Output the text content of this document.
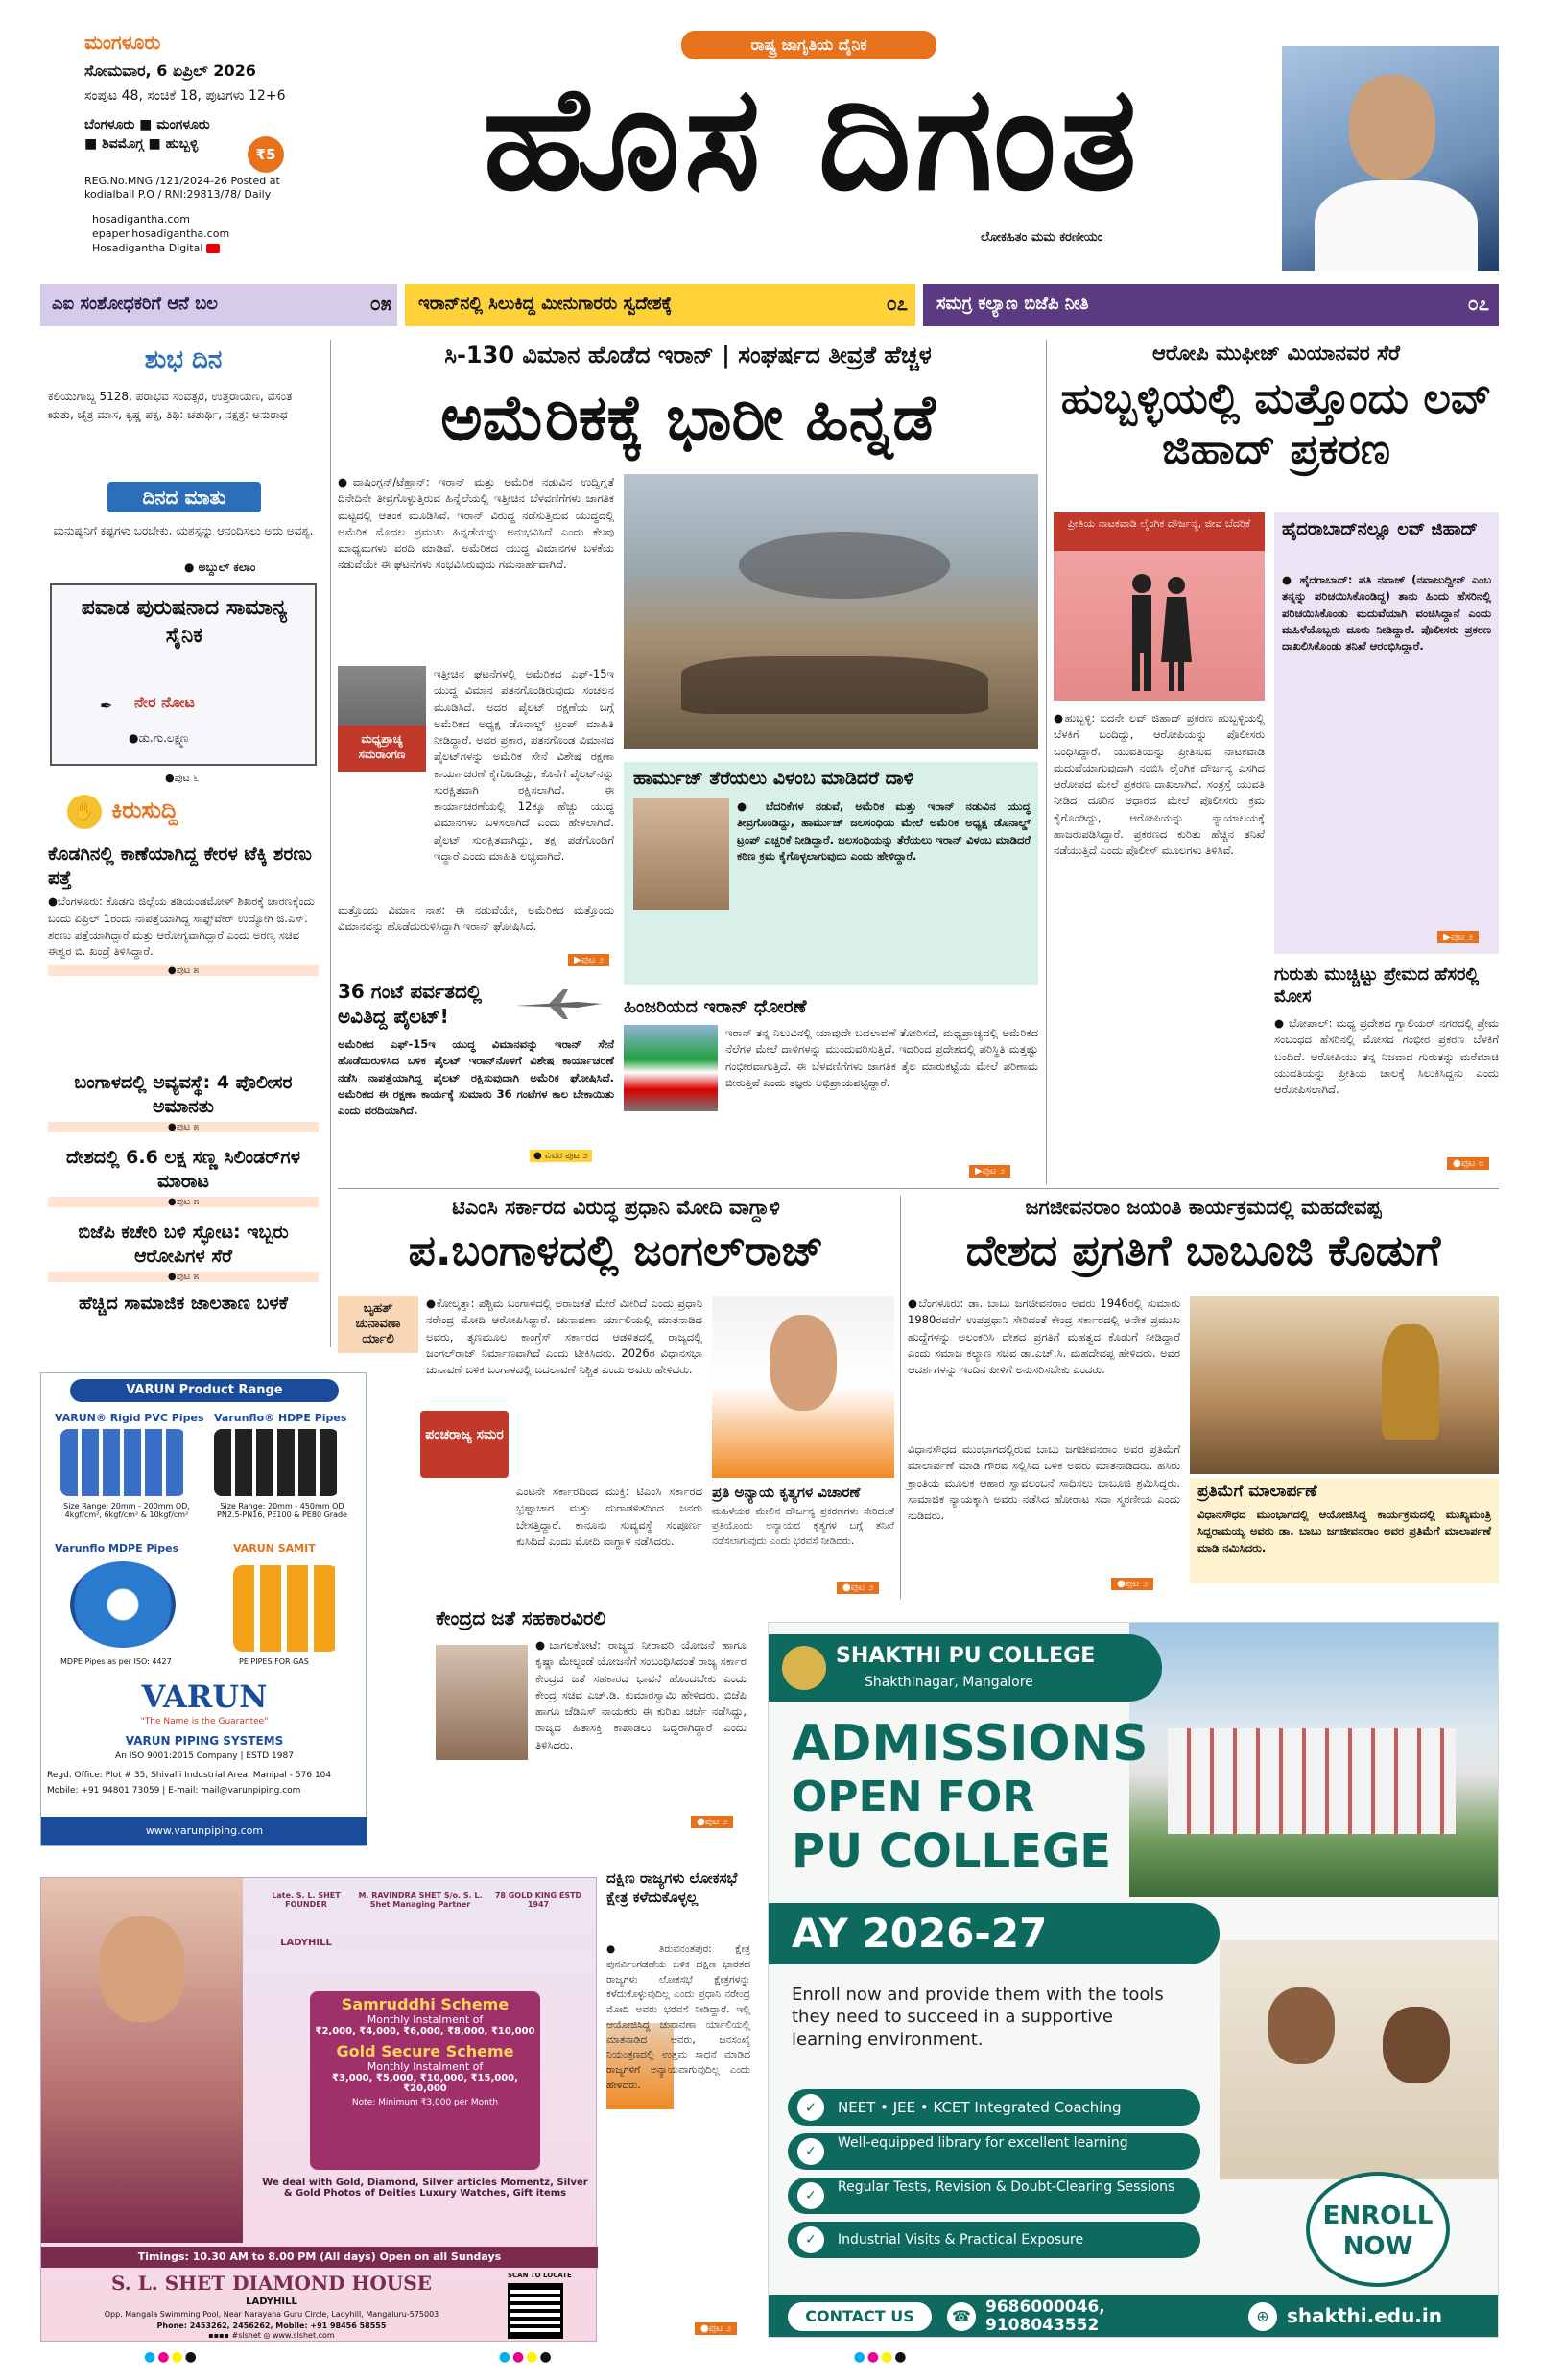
ಮಂಗಳೂರು
ಸೋಮವಾರ, 6 ಏಪ್ರಿಲ್ 2026
ಸಂಪುಟ 48, ಸಂಚಿಕೆ 18, ಪುಟಗಳು 12+6
ಬೆಂಗಳೂರು ■ ಮಂಗಳೂರು
■ ಶಿವಮೊಗ್ಗ ■ ಹುಬ್ಬಳ್ಳಿ
₹5
REG.No.MNG /121/2024-26 Posted at kodialbail P.O / RNI:29813/78/ Daily
hosadigantha.com
epaper.hosadigantha.com
Hosadigantha Digital
ರಾಷ್ಟ್ರ ಜಾಗೃತಿಯ ದೈನಿಕ
ಹೊಸ ದಿಗಂತ
ಲೋಕಹಿತಂ ಮಮ ಕರಣೀಯಂ
ಎಐ ಸಂಶೋಧಕರಿಗೆ ಆನೆ ಬಲ	೦೫ ಇರಾನ್‌ನಲ್ಲಿ ಸಿಲುಕಿದ್ದ ಮೀನುಗಾರರು ಸ್ವದೇಶಕ್ಕೆ	೦೭ ಸಮಗ್ರ ಕಲ್ಯಾಣ ಬಿಜೆಪಿ ನೀತಿ	೦೭
ಶುಭ ದಿನ
ಕಲಿಯುಗಾಬ್ದ 5128, ಪರಾಭವ ಸಂವತ್ಸರ, ಉತ್ತರಾಯಣ, ವಸಂತ ಋತು, ಚೈತ್ರ ಮಾಸ, ಕೃಷ್ಣ ಪಕ್ಷ, ತಿಥಿ: ಚತುರ್ಥಿ, ನಕ್ಷತ್ರ: ಅನುರಾಧ
ದಿನದ ಮಾತು
ಮನುಷ್ಯನಿಗೆ ಕಷ್ಟಗಳು ಬರಬೇಕು. ಯಶಸ್ಸನ್ನು ಆನಂದಿಸಲು ಅದು ಅವಶ್ಯ.
● ಅಬ್ದುಲ್ ಕಲಾಂ
ಪವಾಡ ಪುರುಷನಾದ ಸಾಮಾನ್ಯ ಸೈನಿಕ
✒ ನೇರ ನೋಟ
●ಡು.ಗು.ಲಕ್ಷ್ಮಣ
●ಪುಟ ೬
✋ ಕಿರುಸುದ್ದಿ
ಕೊಡಗಿನಲ್ಲಿ ಕಾಣೆಯಾಗಿದ್ದ ಕೇರಳ ಟೆಕ್ಕಿ ಶರಣು ಪತ್ತೆ
●ಬೆಂಗಳೂರು: ಕೊಡಗು ಜಿಲ್ಲೆಯ ತಡಿಯಂಡಮೋಳ್ ಶಿಖರಕ್ಕೆ ಚಾರಣಕ್ಕೆಂದು ಬಂದು ಏಪ್ರಿಲ್ 1ರಂದು ನಾಪತ್ತೆಯಾಗಿದ್ದ ಸಾಫ್ಟ್‌ವೇರ್ ಉದ್ಯೋಗಿ ಜಿ.ಎಸ್. ಶರಣು ಪತ್ತೆಯಾಗಿದ್ದಾರೆ ಮತ್ತು ಆರೋಗ್ಯವಾಗಿದ್ದಾರೆ ಎಂದು ಅರಣ್ಯ ಸಚಿವ ಈಶ್ವರ ಬಿ. ಖಂಡ್ರೆ ತಿಳಿಸಿದ್ದಾರೆ.
●ಪುಟ ೫
ಬಂಗಾಳದಲ್ಲಿ ಅವ್ಯವಸ್ಥೆ: 4 ಪೊಲೀಸರ ಅಮಾನತು
●ಪುಟ ೫
ದೇಶದಲ್ಲಿ 6.6 ಲಕ್ಷ ಸಣ್ಣ ಸಿಲಿಂಡರ್‌ಗಳ ಮಾರಾಟ
●ಪುಟ ೫
ಬಿಜೆಪಿ ಕಚೇರಿ ಬಳಿ ಸ್ಫೋಟ: ಇಬ್ಬರು ಆರೋಪಿಗಳ ಸೆರೆ
●ಪುಟ ೫
ಹೆಚ್ಚಿದ ಸಾಮಾಜಿಕ ಜಾಲತಾಣ ಬಳಕೆ
ಸಿ-130 ವಿಮಾನ ಹೊಡೆದ ಇರಾನ್ | ಸಂಘರ್ಷದ ತೀವ್ರತೆ ಹೆಚ್ಚಳ
ಅಮೆರಿಕಕ್ಕೆ ಭಾರೀ ಹಿನ್ನಡೆ

●ವಾಷಿಂಗ್ಟನ್/ಟೆಹ್ರಾನ್: ಇರಾನ್ ಮತ್ತು ಅಮೆರಿಕ ನಡುವಿನ ಉದ್ವಿಗ್ನತೆ ದಿನೇದಿನೇ ತೀವ್ರಗೊಳ್ಳುತ್ತಿರುವ ಹಿನ್ನೆಲೆಯಲ್ಲಿ ಇತ್ತೀಚಿನ ಬೆಳವಣಿಗೆಗಳು ಜಾಗತಿಕ ಮಟ್ಟದಲ್ಲಿ ಆತಂಕ ಮೂಡಿಸಿವೆ. ಇರಾನ್ ವಿರುದ್ಧ ನಡೆಸುತ್ತಿರುವ ಯುದ್ಧದಲ್ಲಿ ಅಮೆರಿಕ ಮೊದಲ ಪ್ರಮುಖ ಹಿನ್ನಡೆಯನ್ನು ಅನುಭವಿಸಿದೆ ಎಂದು ಕೆಲವು ಮಾಧ್ಯಮಗಳು ವರದಿ ಮಾಡಿವೆ. ಅಮೆರಿಕದ ಯುದ್ಧ ವಿಮಾನಗಳ ಬಳಕೆಯ ನಡುವೆಯೇ ಈ ಘಟನೆಗಳು ಸಂಭವಿಸಿರುವುದು ಗಮನಾರ್ಹವಾಗಿದೆ.

ಮಧ್ಯಪ್ರಾಚ್ಯ ಸಮರಾಂಗಣ

ಇತ್ತೀಚಿನ ಘಟನೆಗಳಲ್ಲಿ ಅಮೆರಿಕದ ಎಫ್-15ಇ ಯುದ್ಧ ವಿಮಾನ ಪತನಗೊಂಡಿರುವುದು ಸಂಚಲನ ಮೂಡಿಸಿದೆ. ಅದರ ಪೈಲಟ್ ರಕ್ಷಣೆಯ ಬಗ್ಗೆ ಅಮೆರಿಕದ ಅಧ್ಯಕ್ಷ ಡೊನಾಲ್ಡ್ ಟ್ರಂಪ್ ಮಾಹಿತಿ ನೀಡಿದ್ದಾರೆ. ಅವರ ಪ್ರಕಾರ, ಪತನಗೊಂಡ ವಿಮಾನದ ಪೈಲಟ್‌ಗಳನ್ನು ಅಮೆರಿಕ ಸೇನೆ ವಿಶೇಷ ರಕ್ಷಣಾ ಕಾರ್ಯಾಚರಣೆ ಕೈಗೊಂಡಿದ್ದು, ಕೊನೆಗೆ ಪೈಲಟ್‌ನನ್ನು ಸುರಕ್ಷಿತವಾಗಿ ರಕ್ಷಿಸಲಾಗಿದೆ. ಈ ಕಾರ್ಯಾಚರಣೆಯಲ್ಲಿ 12ಕ್ಕೂ ಹೆಚ್ಚು ಯುದ್ಧ ವಿಮಾನಗಳು ಬಳಸಲಾಗಿದೆ ಎಂದು ಹೇಳಲಾಗಿದೆ. ಪೈಲಟ್ ಸುರಕ್ಷಿತವಾಗಿದ್ದು, ತಕ್ಷ ಪಡೆಗೊಂಡಿಗೆ ಇದ್ದಾರೆ ಎಂದು ಮಾಹಿತಿ ಲಭ್ಯವಾಗಿದೆ.

ಮತ್ತೊಂದು ವಿಮಾನ ನಾಶ: ಈ ನಡುವೆಯೇ, ಅಮೆರಿಕದ ಮತ್ತೊಂದು ವಿಮಾನವನ್ನು ಹೊಡೆದುರುಳಿಸಿದ್ದಾಗಿ ಇರಾನ್ ಘೋಷಿಸಿದೆ.

▶ಪುಟ ೨
36 ಗಂಟೆ ಪರ್ವತದಲ್ಲಿ ಅವಿತಿದ್ದ ಪೈಲಟ್!

ಅಮೆರಿಕದ ಎಫ್-15ಇ ಯುದ್ಧ ವಿಮಾನವನ್ನು ಇರಾನ್ ಸೇನೆ ಹೊಡೆದುರುಳಿಸಿದ ಬಳಿಕ ಪೈಲಟ್ ಇರಾನ್‌ನೊಳಗೆ ವಿಶೇಷ ಕಾರ್ಯಾಚರಣೆ ನಡೆಸಿ ನಾಪತ್ತೆಯಾಗಿದ್ದ ಪೈಲಟ್ ರಕ್ಷಿಸುವುದಾಗಿ ಅಮೆರಿಕ ಘೋಷಿಸಿದೆ. ಅಮೆರಿಕದ ಈ ರಕ್ಷಣಾ ಕಾರ್ಯಕ್ಕೆ ಸುಮಾರು 36 ಗಂಟೆಗಳ ಕಾಲ ಬೇಕಾಯಿತು ಎಂದು ವರದಿಯಾಗಿದೆ.

● ವಿವರ ಪುಟ ೨
ಹಾರ್ಮುಜ್ ತೆರೆಯಲು ವಿಳಂಬ ಮಾಡಿದರೆ ದಾಳಿ

● ಬೆದರಿಕೆಗಳ ನಡುವೆ, ಅಮೆರಿಕ ಮತ್ತು ಇರಾನ್ ನಡುವಿನ ಯುದ್ಧ ತೀವ್ರಗೊಂಡಿದ್ದು, ಹಾರ್ಮುಜ್ ಜಲಸಂಧಿಯ ಮೇಲೆ ಅಮೆರಿಕ ಅಧ್ಯಕ್ಷ ಡೊನಾಲ್ಡ್ ಟ್ರಂಪ್ ಎಚ್ಚರಿಕೆ ನೀಡಿದ್ದಾರೆ. ಜಲಸಂಧಿಯನ್ನು ತೆರೆಯಲು ಇರಾನ್ ವಿಳಂಬ ಮಾಡಿದರೆ ಕಠಿಣ ಕ್ರಮ ಕೈಗೊಳ್ಳಲಾಗುವುದು ಎಂದು ಹೇಳಿದ್ದಾರೆ.

ಹಿಂಜರಿಯದ ಇರಾನ್ ಧೋರಣೆ

ಇರಾನ್ ತನ್ನ ನಿಲುವಿನಲ್ಲಿ ಯಾವುದೇ ಬದಲಾವಣೆ ತೋರಿಸದೆ, ಮಧ್ಯಪ್ರಾಚ್ಯದಲ್ಲಿ ಅಮೆರಿಕದ ನೆಲೆಗಳ ಮೇಲೆ ದಾಳಿಗಳನ್ನು ಮುಂದುವರಿಸುತ್ತಿದೆ. ಇದರಿಂದ ಪ್ರದೇಶದಲ್ಲಿ ಪರಿಸ್ಥಿತಿ ಮತ್ತಷ್ಟು ಗಂಭೀರವಾಗುತ್ತಿದೆ. ಈ ಬೆಳವಣಿಗೆಗಳು ಜಾಗತಿಕ ತೈಲ ಮಾರುಕಟ್ಟೆಯ ಮೇಲೆ ಪರಿಣಾಮ ಬೀರುತ್ತಿವೆ ಎಂದು ತಜ್ಞರು ಅಭಿಪ್ರಾಯಪಟ್ಟಿದ್ದಾರೆ.

▶ಪುಟ ೨
ಆರೋಪಿ ಮುಫೀಜ್ ಮಿಯಾನವರ ಸೆರೆ
ಹುಬ್ಬಳ್ಳಿಯಲ್ಲಿ ಮತ್ತೊಂದು ಲವ್ ಜಿಹಾದ್ ಪ್ರಕರಣ
ಪ್ರೀತಿಯ ನಾಟಕವಾಡಿ ಲೈಂಗಿಕ ದೌರ್ಜನ್ಯ, ಜೀವ ಬೆದರಿಕೆ

●ಹುಬ್ಬಳ್ಳಿ: ಐದನೇ ಲವ್ ಜಿಹಾದ್ ಪ್ರಕರಣ ಹುಬ್ಬಳ್ಳಿಯಲ್ಲಿ ಬೆಳಕಿಗೆ ಬಂದಿದ್ದು, ಆರೋಪಿಯನ್ನು ಪೊಲೀಸರು ಬಂಧಿಸಿದ್ದಾರೆ. ಯುವತಿಯನ್ನು ಪ್ರೀತಿಸುವ ನಾಟಕವಾಡಿ ಮದುವೆಯಾಗುವುದಾಗಿ ನಂಬಿಸಿ ಲೈಂಗಿಕ ದೌರ್ಜನ್ಯ ಎಸಗಿದ ಆರೋಪದ ಮೇಲೆ ಪ್ರಕರಣ ದಾಖಲಾಗಿದೆ. ಸಂತ್ರಸ್ತೆ ಯುವತಿ ನೀಡಿದ ದೂರಿನ ಆಧಾರದ ಮೇಲೆ ಪೊಲೀಸರು ಕ್ರಮ ಕೈಗೊಂಡಿದ್ದು, ಆರೋಪಿಯನ್ನು ನ್ಯಾಯಾಲಯಕ್ಕೆ ಹಾಜರುಪಡಿಸಿದ್ದಾರೆ. ಪ್ರಕರಣದ ಕುರಿತು ಹೆಚ್ಚಿನ ತನಿಖೆ ನಡೆಯುತ್ತಿದೆ ಎಂದು ಪೊಲೀಸ್ ಮೂಲಗಳು ತಿಳಿಸಿವೆ.

ಹೈದರಾಬಾದ್‌ನಲ್ಲೂ ಲವ್ ಜಿಹಾದ್

● ಹೈದರಾಬಾದ್: ಪತಿ ನವಾಜ್ (ನವಾಜುದ್ದೀನ್ ಎಂಬ ತನ್ನನ್ನು ಪರಿಚಯಿಸಿಕೊಂಡಿದ್ದ) ತಾನು ಹಿಂದು ಹೆಸರಿನಲ್ಲಿ ಪರಿಚಯಿಸಿಕೊಂಡು ಮದುವೆಯಾಗಿ ವಂಚಿಸಿದ್ದಾನೆ ಎಂದು ಮಹಿಳೆಯೊಬ್ಬರು ದೂರು ನೀಡಿದ್ದಾರೆ. ಪೊಲೀಸರು ಪ್ರಕರಣ ದಾಖಲಿಸಿಕೊಂಡು ತನಿಖೆ ಆರಂಭಿಸಿದ್ದಾರೆ.

▶ಪುಟ ೨
ಗುರುತು ಮುಚ್ಚಿಟ್ಟು ಪ್ರೇಮದ ಹೆಸರಲ್ಲಿ ಮೋಸ

● ಭೋಪಾಲ್: ಮಧ್ಯ ಪ್ರದೇಶದ ಗ್ವಾಲಿಯರ್ ನಗರದಲ್ಲಿ ಪ್ರೇಮ ಸಂಬಂಧದ ಹೆಸರಿನಲ್ಲಿ ಮೋಸದ ಗಂಭೀರ ಪ್ರಕರಣ ಬೆಳಕಿಗೆ ಬಂದಿದೆ. ಆರೋಪಿಯು ತನ್ನ ನಿಜವಾದ ಗುರುತನ್ನು ಮರೆಮಾಚಿ ಯುವತಿಯನ್ನು ಪ್ರೀತಿಯ ಜಾಲಕ್ಕೆ ಸಿಲುಕಿಸಿದ್ದನು ಎಂದು ಆರೋಪಿಸಲಾಗಿದೆ.

●ಪುಟ ೮
ಟಿಎಂಸಿ ಸರ್ಕಾರದ ವಿರುದ್ಧ ಪ್ರಧಾನಿ ಮೋದಿ ವಾಗ್ದಾಳಿ
ಪ.ಬಂಗಾಳದಲ್ಲಿ ಜಂಗಲ್‌ರಾಜ್
ಬೃಹತ್ ಚುನಾವಣಾ ರ್ಯಾಲಿ

●ಕೋಲ್ಕತ್ತಾ: ಪಶ್ಚಿಮ ಬಂಗಾಳದಲ್ಲಿ ಅರಾಜಕತೆ ಮೇರೆ ಮೀರಿದೆ ಎಂದು ಪ್ರಧಾನಿ ನರೇಂದ್ರ ಮೋದಿ ಆರೋಪಿಸಿದ್ದಾರೆ. ಚುನಾವಣಾ ರ್ಯಾಲಿಯಲ್ಲಿ ಮಾತನಾಡಿದ ಅವರು, ತೃಣಮೂಲ ಕಾಂಗ್ರೆಸ್ ಸರ್ಕಾರದ ಆಡಳಿತದಲ್ಲಿ ರಾಜ್ಯದಲ್ಲಿ ಜಂಗಲ್‌ರಾಜ್ ನಿರ್ಮಾಣವಾಗಿದೆ ಎಂದು ಟೀಕಿಸಿದರು. 2026ರ ವಿಧಾನಸಭಾ ಚುನಾವಣೆ ಬಳಿಕ ಬಂಗಾಳದಲ್ಲಿ ಬದಲಾವಣೆ ನಿಶ್ಚಿತ ಎಂದು ಅವರು ಹೇಳಿದರು.

ಪಂಚರಾಜ್ಯ ಸಮರ

ಎಂಟನೇ ಸರ್ಕಾರದಿಂದ ಮುಕ್ತಿ: ಟಿಎಂಸಿ ಸರ್ಕಾರದ ಭ್ರಷ್ಟಾಚಾರ ಮತ್ತು ದುರಾಡಳಿತದಿಂದ ಜನರು ಬೇಸತ್ತಿದ್ದಾರೆ. ಕಾನೂನು ಸುವ್ಯವಸ್ಥೆ ಸಂಪೂರ್ಣ ಕುಸಿದಿದೆ ಎಂದು ಮೋದಿ ವಾಗ್ದಾಳಿ ನಡೆಸಿದರು.

ಪ್ರತಿ ಅನ್ಯಾಯ ಕೃತ್ಯಗಳ ವಿಚಾರಣೆ

ಮಹಿಳೆಯರ ಮೇಲಿನ ದೌರ್ಜನ್ಯ ಪ್ರಕರಣಗಳು ಸೇರಿದಂತೆ ಪ್ರತಿಯೊಂದು ಅನ್ಯಾಯದ ಕೃತ್ಯಗಳ ಬಗ್ಗೆ ತನಿಖೆ ನಡೆಸಲಾಗುವುದು ಎಂದು ಭರವಸೆ ನೀಡಿದರು.

●ಪುಟ ೨
ಜಗಜೀವನರಾಂ ಜಯಂತಿ ಕಾರ್ಯಕ್ರಮದಲ್ಲಿ ಮಹದೇವಪ್ಪ
ದೇಶದ ಪ್ರಗತಿಗೆ ಬಾಬೂಜಿ ಕೊಡುಗೆ

●ಬೆಂಗಳೂರು: ಡಾ. ಬಾಬು ಜಗಜೀವನರಾಂ ಅವರು 1946ರಲ್ಲಿ ಸುಮಾರು 1980ರವರೆಗೆ ಉಪಪ್ರಧಾನಿ ಸೇರಿದಂತೆ ಕೇಂದ್ರ ಸರ್ಕಾರದಲ್ಲಿ ಅನೇಕ ಪ್ರಮುಖ ಹುದ್ದೆಗಳನ್ನು ಅಲಂಕರಿಸಿ ದೇಶದ ಪ್ರಗತಿಗೆ ಮಹತ್ವದ ಕೊಡುಗೆ ನೀಡಿದ್ದಾರೆ ಎಂದು ಸಮಾಜ ಕಲ್ಯಾಣ ಸಚಿವ ಡಾ.ಎಚ್.ಸಿ. ಮಹದೇವಪ್ಪ ಹೇಳಿದರು. ಅವರ ಆದರ್ಶಗಳನ್ನು ಇಂದಿನ ಪೀಳಿಗೆ ಅನುಸರಿಸಬೇಕು ಎಂದರು.

ವಿಧಾನಸೌಧದ ಮುಂಭಾಗದಲ್ಲಿರುವ ಬಾಬು ಜಗಜೀವನರಾಂ ಅವರ ಪ್ರತಿಮೆಗೆ ಮಾಲಾರ್ಪಣೆ ಮಾಡಿ ಗೌರವ ಸಲ್ಲಿಸಿದ ಬಳಿಕ ಅವರು ಮಾತನಾಡಿದರು. ಹಸಿರು ಕ್ರಾಂತಿಯ ಮೂಲಕ ಆಹಾರ ಸ್ವಾವಲಂಬನೆ ಸಾಧಿಸಲು ಬಾಬೂಜಿ ಶ್ರಮಿಸಿದ್ದರು. ಸಾಮಾಜಿಕ ನ್ಯಾಯಕ್ಕಾಗಿ ಅವರು ನಡೆಸಿದ ಹೋರಾಟ ಸದಾ ಸ್ಮರಣೀಯ ಎಂದು ನುಡಿದರು.

ಪ್ರತಿಮೆಗೆ ಮಾಲಾರ್ಪಣೆ

ವಿಧಾನಸೌಧದ ಮುಂಭಾಗದಲ್ಲಿ ಆಯೋಜಿಸಿದ್ದ ಕಾರ್ಯಕ್ರಮದಲ್ಲಿ ಮುಖ್ಯಮಂತ್ರಿ ಸಿದ್ದರಾಮಯ್ಯ ಅವರು ಡಾ. ಬಾಬು ಜಗಜೀವನರಾಂ ಅವರ ಪ್ರತಿಮೆಗೆ ಮಾಲಾರ್ಪಣೆ ಮಾಡಿ ನಮಿಸಿದರು.

●ಪುಟ ೨
VARUN Product Range
VARUN® Rigid PVC Pipes Varunflo® HDPE Pipes
Size Range: 20mm - 200mm OD, 4kgf/cm², 6kgf/cm² & 10kgf/cm²
Size Range: 20mm - 450mm OD PN2.5-PN16, PE100 & PE80 Grade
Varunflo MDPE Pipes	VARUN SAMIT
MDPE Pipes as per ISO: 4427	PE PIPES FOR GAS
VARUN
"The Name is the Guarantee"
VARUN PIPING SYSTEMS
An ISO 9001:2015 Company | ESTD 1987
Regd. Office: Plot # 35, Shivalli Industrial Area, Manipal - 576 104
Mobile: +91 94801 73059 | E-mail: mail@varunpiping.com
www.varunpiping.com
ಕೇಂದ್ರದ ಜತೆ ಸಹಕಾರವಿರಲಿ

●ಬಾಗಲಕೋಟೆ: ರಾಜ್ಯದ ನೀರಾವರಿ ಯೋಜನೆ ಹಾಗೂ ಕೃಷ್ಣಾ ಮೇಲ್ದಂಡೆ ಯೋಜನೆಗೆ ಸಂಬಂಧಿಸಿದಂತೆ ರಾಜ್ಯ ಸರ್ಕಾರ ಕೇಂದ್ರದ ಜತೆ ಸಹಕಾರದ ಭಾವನೆ ಹೊಂದಬೇಕು ಎಂದು ಕೇಂದ್ರ ಸಚಿವ ಎಚ್.ಡಿ. ಕುಮಾರಸ್ವಾಮಿ ಹೇಳಿದರು. ಬಿಜೆಪಿ ಹಾಗೂ ಜೆಡಿಎಸ್ ನಾಯಕರು ಈ ಕುರಿತು ಚರ್ಚೆ ನಡೆಸಿದ್ದು, ರಾಜ್ಯದ ಹಿತಾಸಕ್ತಿ ಕಾಪಾಡಲು ಬದ್ಧರಾಗಿದ್ದಾರೆ ಎಂದು ತಿಳಿಸಿದರು.

●ಪುಟ ೨
Late. S. L. SHET FOUNDER
M. RAVINDRA SHET S/o. S. L. Shet Managing Partner
78 GOLD KING ESTD 1947
LADYHILL
Samruddhi Scheme
Monthly Instalment of
₹2,000, ₹4,000, ₹6,000, ₹8,000, ₹10,000
Gold Secure Scheme
Monthly Instalment of
₹3,000, ₹5,000, ₹10,000, ₹15,000, ₹20,000
Note: Minimum ₹3,000 per Month
We deal with Gold, Diamond, Silver articles Momentz, Silver & Gold Photos of Deities Luxury Watches, Gift items
Timings: 10.30 AM to 8.00 PM (All days) Open on all Sundays
S. L. SHET DIAMOND HOUSE
LADYHILL
Opp. Mangala Swimming Pool, Near Narayana Guru Circle, Ladyhill, Mangaluru-575003
Phone: 2453262, 2456262, Mobile: +91 98456 58555
▪▪▪▪ #slshet ◎ www.slshet.com
SCAN TO LOCATE
ದಕ್ಷಿಣ ರಾಜ್ಯಗಳು ಲೋಕಸಭೆ ಕ್ಷೇತ್ರ ಕಳೆದುಕೊಳ್ಳಲ್ಲ

● ತಿರುವನಂತಪುರ: ಕ್ಷೇತ್ರ ಪುನರ್ವಿಂಗಡಣೆಯ ಬಳಿಕ ದಕ್ಷಿಣ ಭಾರತದ ರಾಜ್ಯಗಳು ಲೋಕಸಭೆ ಕ್ಷೇತ್ರಗಳನ್ನು ಕಳೆದುಕೊಳ್ಳುವುದಿಲ್ಲ ಎಂದು ಪ್ರಧಾನಿ ನರೇಂದ್ರ ಮೋದಿ ಅವರು ಭರವಸೆ ನೀಡಿದ್ದಾರೆ. ಇಲ್ಲಿ ಆಯೋಜಿಸಿದ್ದ ಚುನಾವಣಾ ರ್ಯಾಲಿಯಲ್ಲಿ ಮಾತನಾಡಿದ ಅವರು, ಜನಸಂಖ್ಯೆ ನಿಯಂತ್ರಣದಲ್ಲಿ ಉತ್ತಮ ಸಾಧನೆ ಮಾಡಿದ ರಾಜ್ಯಗಳಿಗೆ ಅನ್ಯಾಯವಾಗುವುದಿಲ್ಲ ಎಂದು ಹೇಳಿದರು.

●ಪುಟ ೨
SHAKTHI PU COLLEGE
Shakthinagar, Mangalore
ADMISSIONS
OPEN FOR
PU COLLEGE
AY 2026-27
Enroll now and provide them with the tools they need to succeed in a supportive learning environment.
✓	NEET • JEE • KCET Integrated Coaching
✓
Well-equipped library for excellent learning
✓
Regular Tests, Revision & Doubt-Clearing Sessions
✓	Industrial Visits & Practical Exposure
ENROLL NOW
CONTACT US	☎ 9686000046, 9108043552	⊕ shakthi.edu.in
●●●●	●●●●	●●●●
